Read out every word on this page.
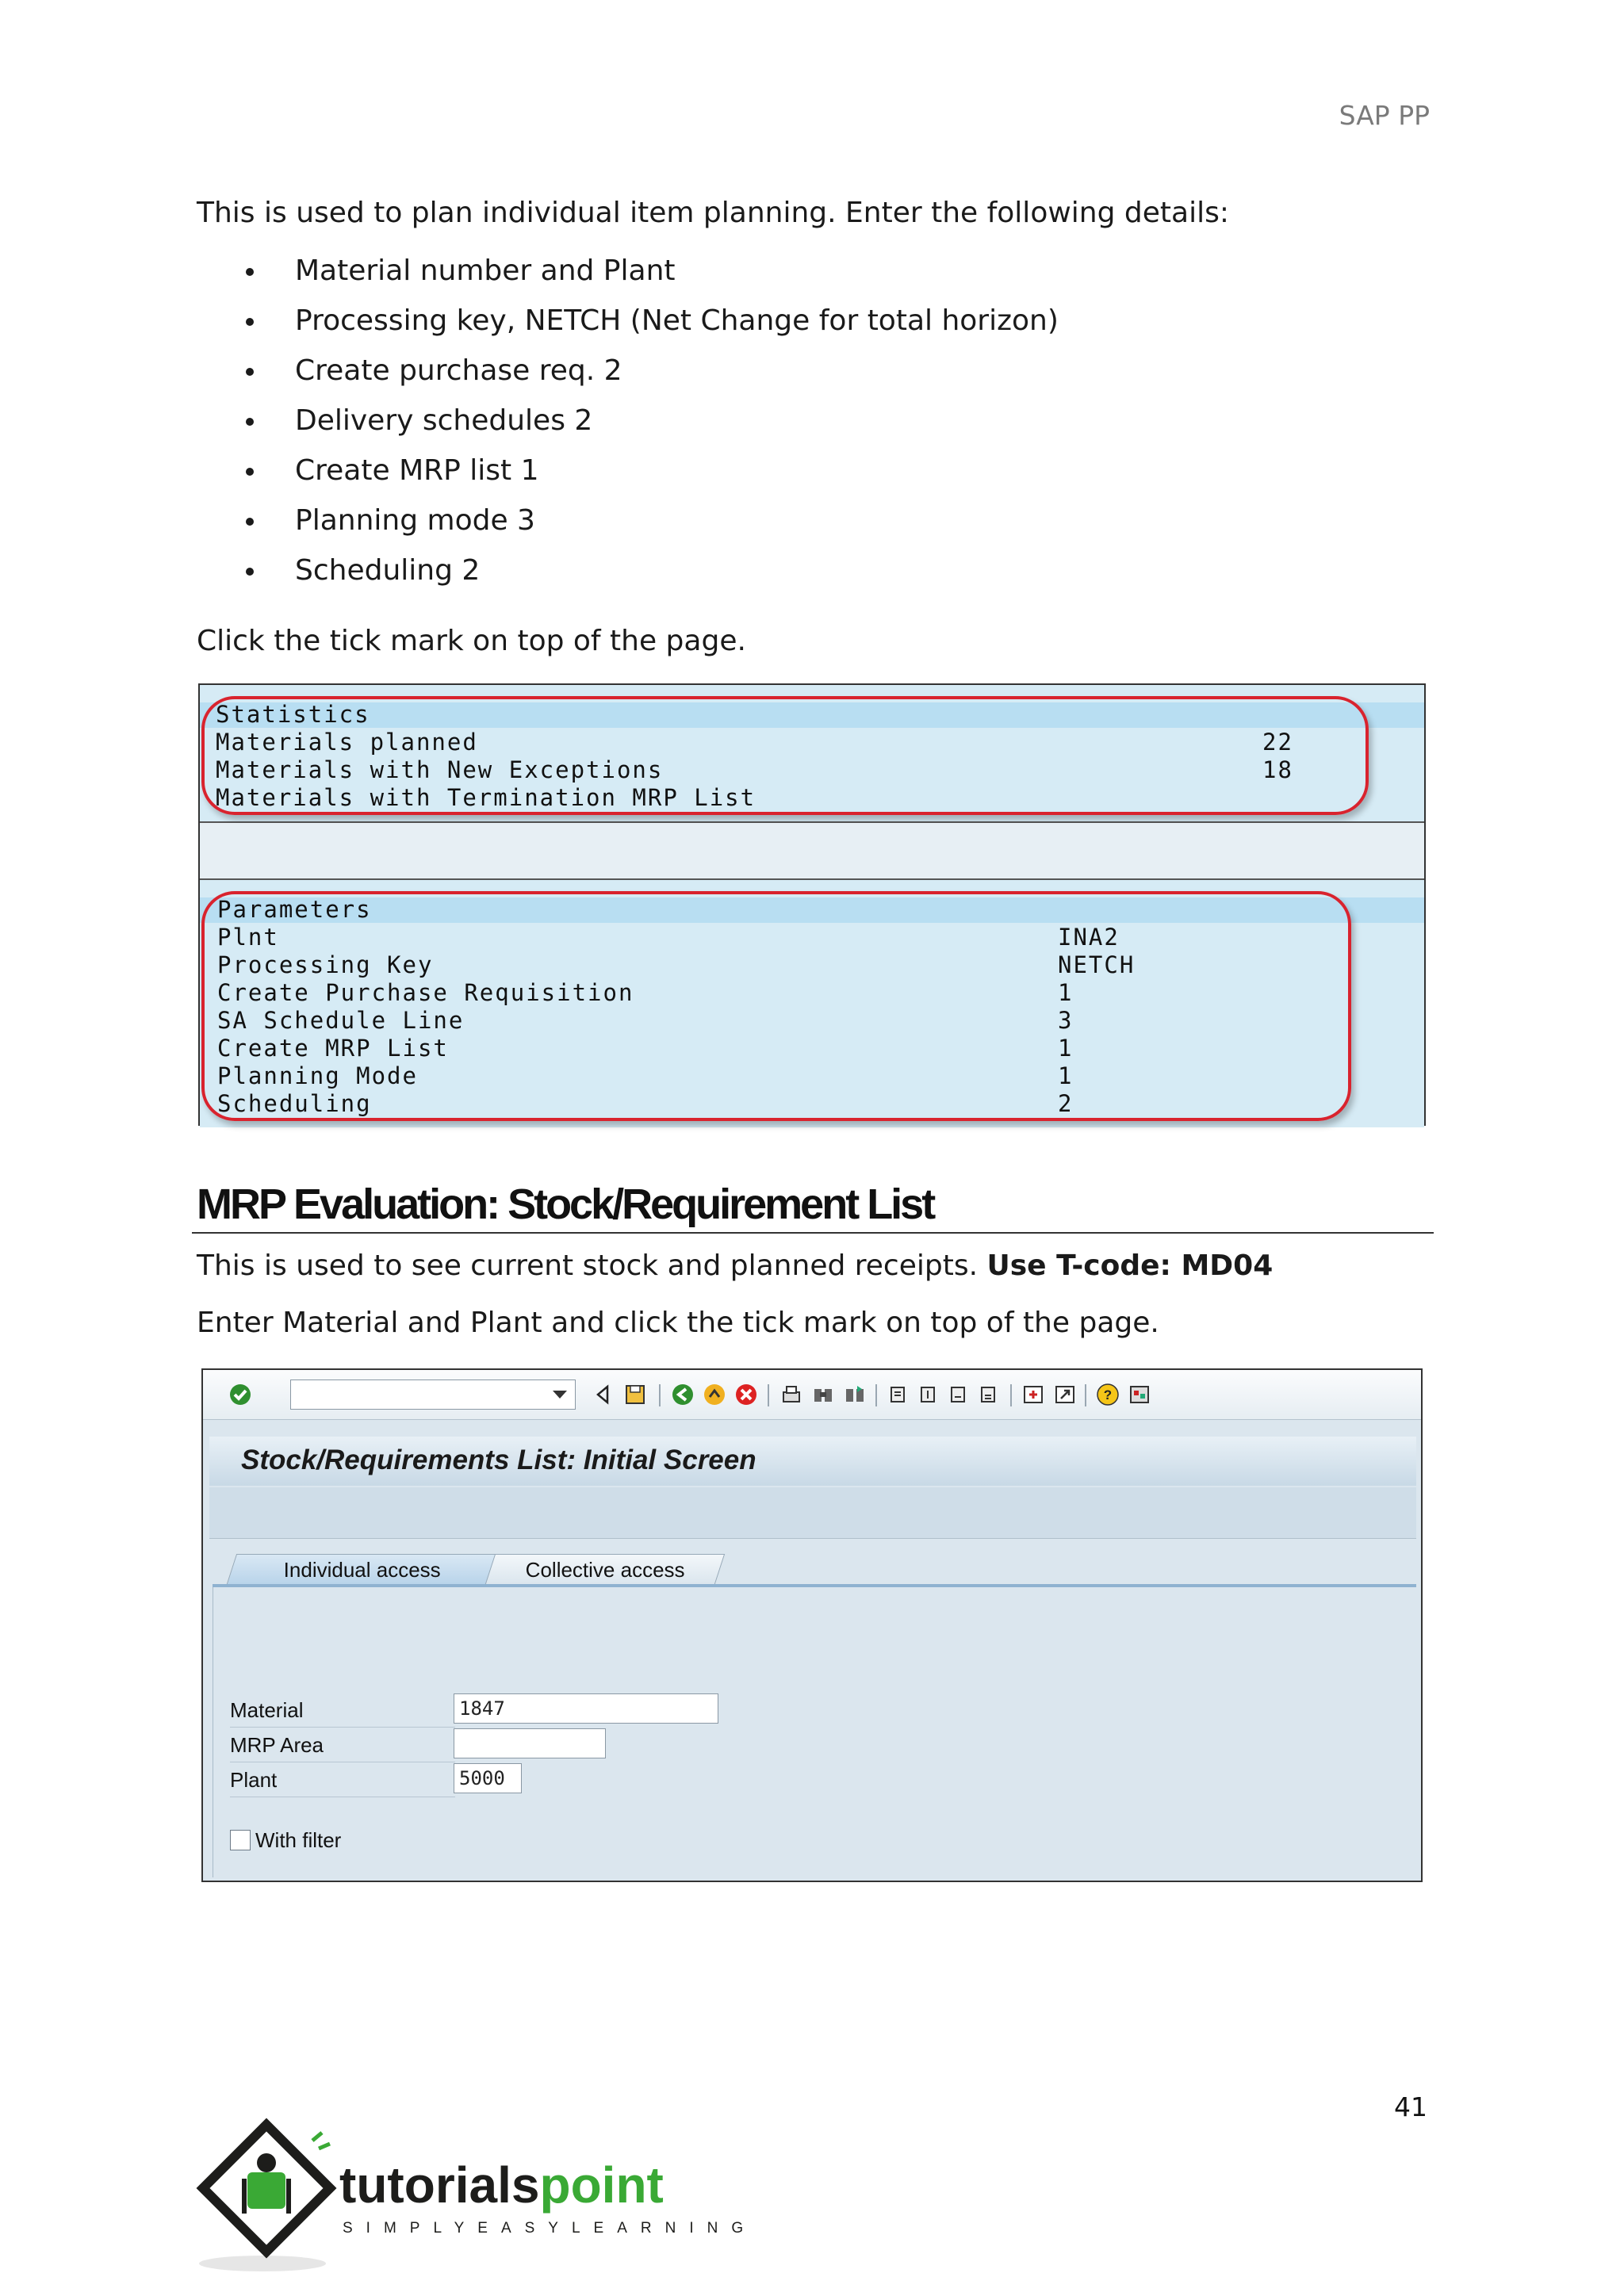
SAP PP
This is used to plan individual item planning. Enter the following details:
Material number and Plant
Processing key, NETCH (Net Change for total horizon)
Create purchase req. 2
Delivery schedules 2
Create MRP list 1
Planning mode 3
Scheduling 2
Click the tick mark on top of the page.
Statistics
Materials planned	22
Materials with New Exceptions	18
Materials with Termination MRP List
Parameters
Plnt	INA2
Processing Key	NETCH
Create Purchase Requisition	1
SA Schedule Line	3
Create MRP List	1
Planning Mode	1
Scheduling	2
MRP Evaluation: Stock/Requirement List
This is used to see current stock and planned receipts. Use T-code: MD04
Enter Material and Plant and click the tick mark on top of the page.
?
Stock/Requirements List: Initial Screen
Individual access	Collective access
Material	1847
MRP Area
Plant	5000
With filter
41
tutorialspoint
SIMPLYEASYLEARNING
